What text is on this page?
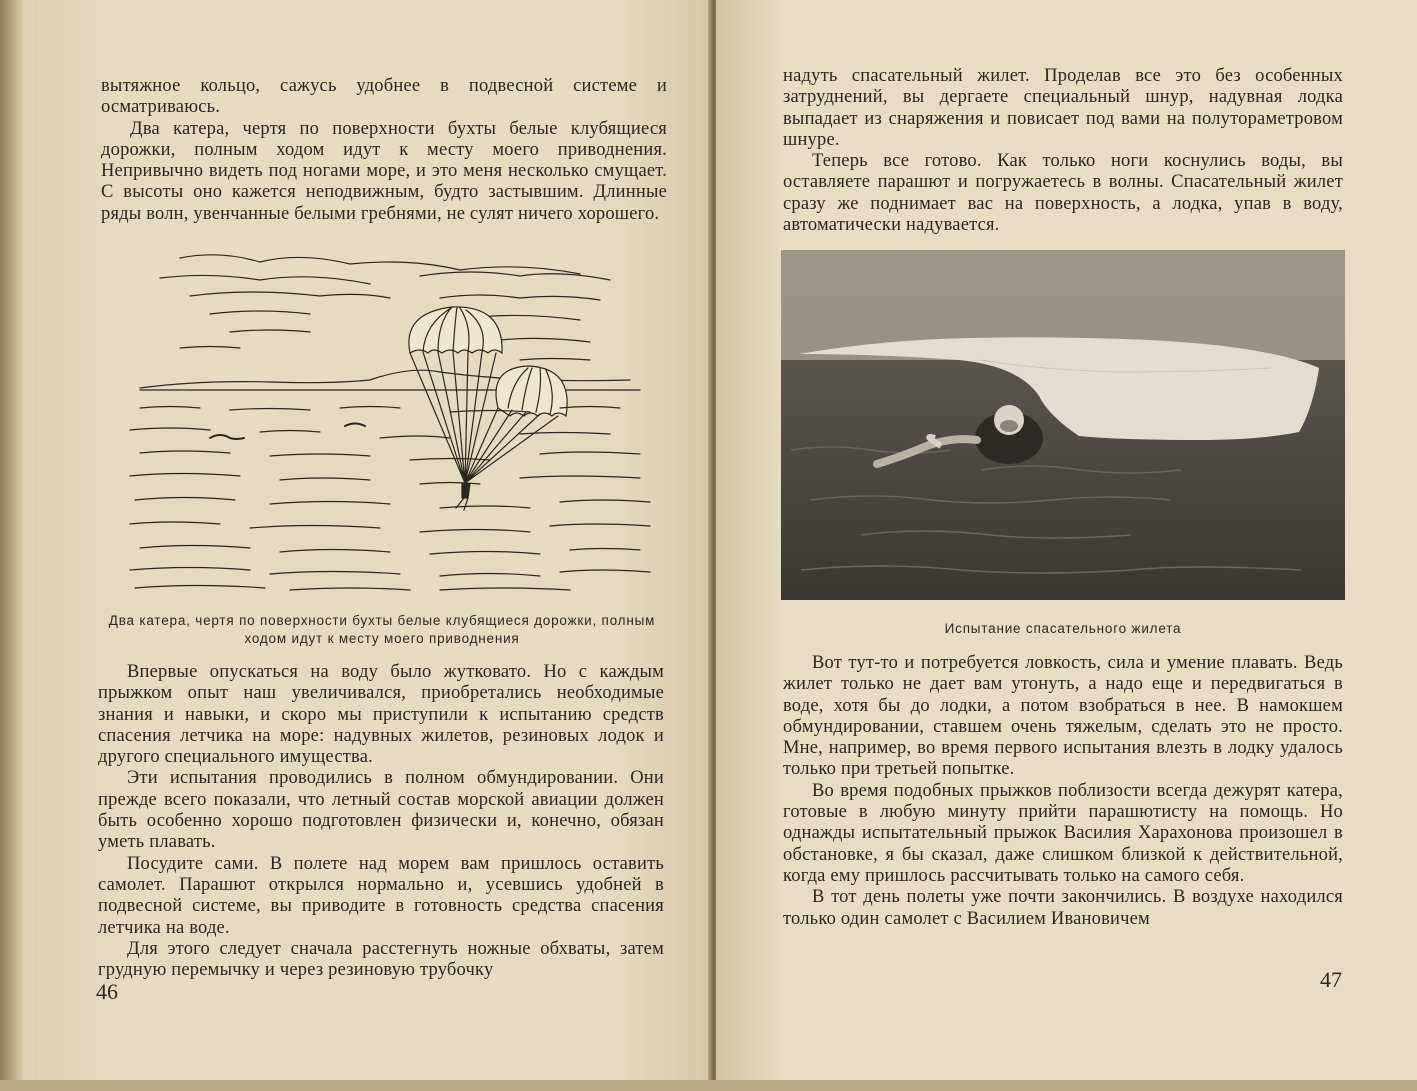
вытяжное кольцо, сажусь удобнее в подвесной системе и осматриваюсь.

Два катера, чертя по поверхности бухты белые клубящиеся дорожки, полным ходом идут к месту моего приводнения. Непривычно видеть под ногами море, и это меня несколько смущает. С высоты оно кажется неподвижным, будто застывшим. Длинные ряды волн, увенчанные белыми гребнями, не сулят ничего хорошего.

Два катера, чертя по поверхности бухты белые клубящиеся дорожки, полным ходом идут к месту моего приводнения

Впервые опускаться на воду было жутковато. Но с каждым прыжком опыт наш увеличивался, приобретались необходимые знания и навыки, и скоро мы приступили к испытанию средств спасения летчика на море: надувных жилетов, резиновых лодок и другого специального имущества.

Эти испытания проводились в полном обмундировании. Они прежде всего показали, что летный состав морской авиации должен быть особенно хорошо подготовлен физически и, конечно, обязан уметь плавать.

Посудите сами. В полете над морем вам пришлось оставить самолет. Парашют открылся нормально и, усевшись удобней в подвесной системе, вы приводите в готовность средства спасения летчика на воде.

Для этого следует сначала расстегнуть ножные обхваты, затем грудную перемычку и через резиновую трубочку

46

надуть спасательный жилет. Проделав все это без особенных затруднений, вы дергаете специальный шнур, надувная лодка выпадает из снаряжения и повисает под вами на полутораметровом шнуре.

Теперь все готово. Как только ноги коснулись воды, вы оставляете парашют и погружаетесь в волны. Спасательный жилет сразу же поднимает вас на поверхность, а лодка, упав в воду, автоматически надувается.

Испытание спасательного жилета

Вот тут-то и потребуется ловкость, сила и умение плавать. Ведь жилет только не дает вам утонуть, а надо еще и передвигаться в воде, хотя бы до лодки, а потом взобраться в нее. В намокшем обмундировании, ставшем очень тяжелым, сделать это не просто. Мне, например, во время первого испытания влезть в лодку удалось только при третьей попытке.

Во время подобных прыжков поблизости всегда дежурят катера, готовые в любую минуту прийти парашютисту на помощь. Но однажды испытательный прыжок Василия Харахонова произошел в обстановке, я бы сказал, даже слишком близкой к действительной, когда ему пришлось рассчитывать только на самого себя.

В тот день полеты уже почти закончились. В воздухе находился только один самолет с Василием Ивановичем

47
